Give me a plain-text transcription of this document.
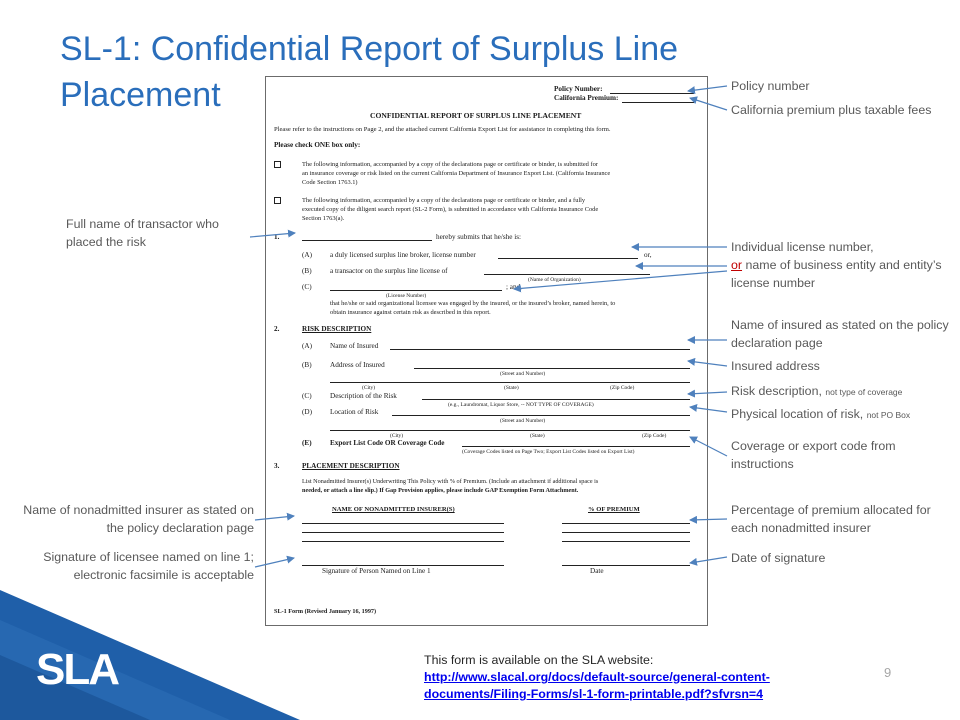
SL-1: Confidential Report of Surplus Line Placement
SLA
Policy Number:
California Premium:
CONFIDENTIAL REPORT OF SURPLUS LINE PLACEMENT
Please refer to the instructions on Page 2, and the attached current California Export List for assistance in completing this form.
Please check ONE box only:
The following information, accompanied by a copy of the declarations page or certificate or binder, is submitted for
an insurance coverage or risk listed on the current California Department of Insurance Export List. (California Insurance
Code Section 1763.1)
The following information, accompanied by a copy of the declarations page or certificate or binder, and a fully
executed copy of the diligent search report (SL-2 Form), is submitted in accordance with California Insurance Code
Section 1763(a).
1.	hereby submits that he/she is:
(A)	a duly licensed surplus line broker, license number	or,
(B)	a transactor on the surplus line license of
(Name of Organization)
(C)	; and,
(License Number)
that he/she or said organizational licensee was engaged by the insured, or the insured’s broker, named herein, to
obtain insurance against certain risk as described in this report.
2.	RISK DESCRIPTION
(A)	Name of Insured
(B)	Address of Insured
(Street and Number)
(City)	(State)	(Zip Code)
(C)	Description of the Risk
(e.g., Laundromat, Liquor Store, -- NOT TYPE OF COVERAGE)
(D)	Location of Risk
(Street and Number)
(City)	(State)	(Zip Code)
(E)	Export List Code OR Coverage Code
(Coverage Codes listed on Page Two; Export List Codes listed on Export List)
3.	PLACEMENT DESCRIPTION
List Nonadmitted Insurer(s) Underwriting This Policy with % of Premium. (Include an attachment if additional space is
needed, or attach a line slip.) If Gap Provision applies, please include GAP Exemption Form Attachment.
NAME OF NONADMITTED INSURER(S)	% OF PREMIUM
Signature of Person Named on Line 1	Date
SL-1 Form (Revised January 16, 1997)
Policy number
California premium plus taxable fees
Individual license number,
or name of business entity and entity’s license number
Name of insured as stated on the policy declaration page
Insured address
Risk description, not type of coverage
Physical location of risk, not PO Box
Coverage or export code from instructions
Percentage of premium allocated for each nonadmitted insurer
Date of signature
Full name of transactor who placed the risk
Name of nonadmitted insurer as stated on the policy declaration page
Signature of licensee named on line 1; electronic facsimile is acceptable
This form is available on the SLA website:
http://www.slacal.org/docs/default-source/general-content-
documents/Filing-Forms/sl-1-form-printable.pdf?sfvrsn=4
9
